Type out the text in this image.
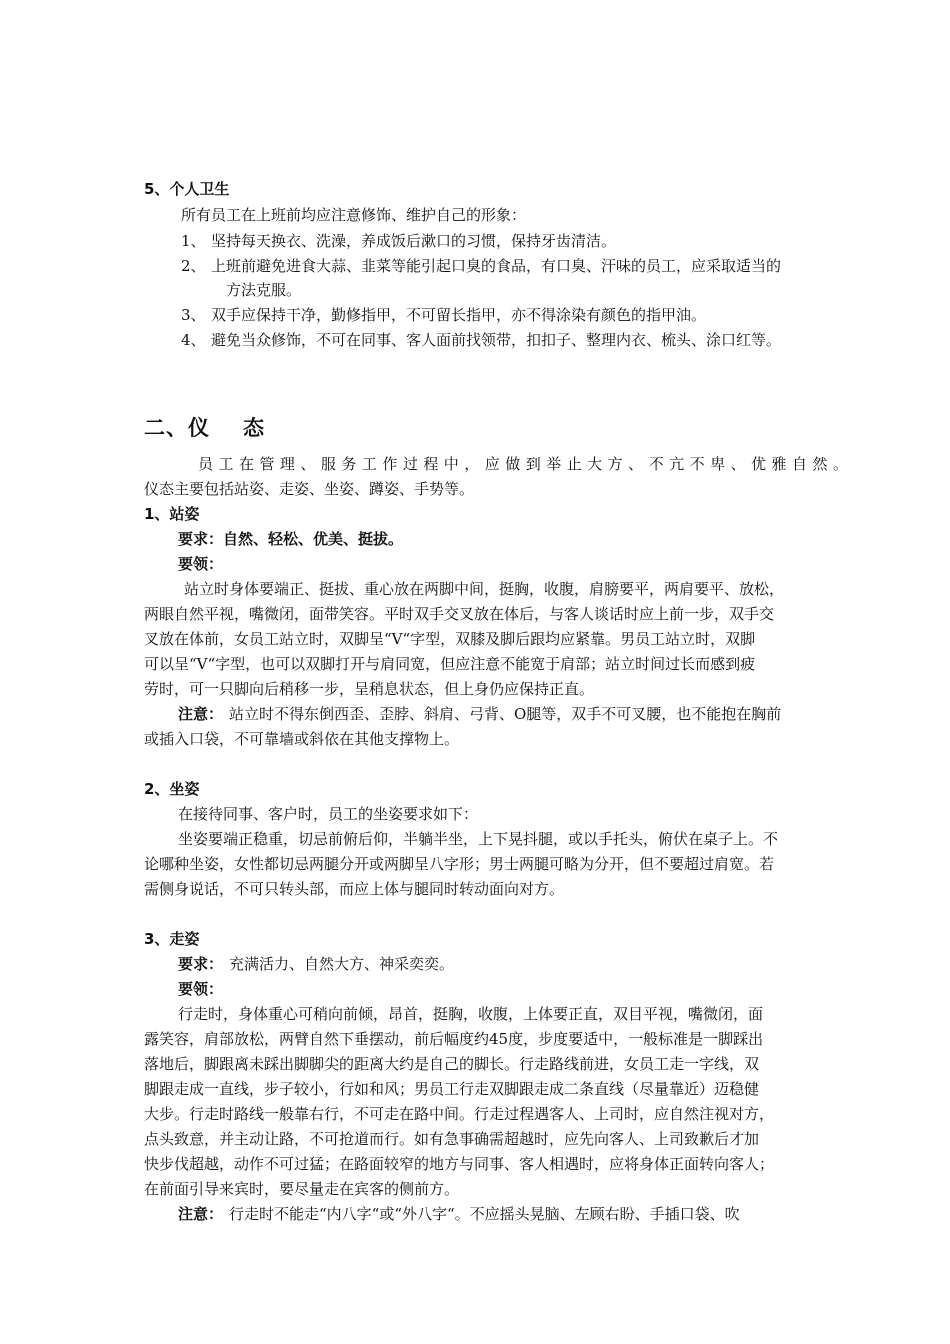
5、个人卫生
所有员工在上班前均应注意修饰、维护自己的形象：
1、 坚持每天换衣、洗澡，养成饭后漱口的习惯，保持牙齿清洁。
2、 上班前避免进食大蒜、韭菜等能引起口臭的食品，有口臭、汗味的员工，应采取适当的
方法克服。
3、 双手应保持干净，勤修指甲，不可留长指甲，亦不得涂染有颜色的指甲油。
4、 避免当众修饰，不可在同事、客人面前找领带，扣扣子、整理内衣、梳头、涂口红等。
二、仪 态
员工在管理、服务工作过程中，应做到举止大方、不亢不卑、优雅自然。
仪态主要包括站姿、走姿、坐姿、蹲姿、手势等。
1、站姿
要求：自然、轻松、优美、挺拔。
要领：
站立时身体要端正、挺拔、重心放在两脚中间，挺胸，收腹，肩膀要平，两肩要平、放松，
两眼自然平视，嘴微闭，面带笑容。平时双手交叉放在体后，与客人谈话时应上前一步，双手交
叉放在体前，女员工站立时，双脚呈“V“字型，双膝及脚后跟均应紧靠。男员工站立时，双脚
可以呈“V“字型，也可以双脚打开与肩同宽，但应注意不能宽于肩部；站立时间过长而感到疲
劳时，可一只脚向后稍移一步，呈稍息状态，但上身仍应保持正直。
注意： 站立时不得东倒西歪、歪脖、斜肩、弓背、O腿等，双手不可叉腰，也不能抱在胸前
或插入口袋，不可靠墙或斜依在其他支撑物上。
2、坐姿
在接待同事、客户时，员工的坐姿要求如下：
坐姿要端正稳重，切忌前俯后仰，半躺半坐，上下晃抖腿，或以手托头，俯伏在桌子上。不
论哪种坐姿，女性都切忌两腿分开或两脚呈八字形；男士两腿可略为分开，但不要超过肩宽。若
需侧身说话，不可只转头部，而应上体与腿同时转动面向对方。
3、走姿
要求： 充满活力、自然大方、神采奕奕。
要领：
行走时，身体重心可稍向前倾，昂首，挺胸，收腹，上体要正直，双目平视，嘴微闭，面
露笑容，肩部放松，两臂自然下垂摆动，前后幅度约45度，步度要适中，一般标准是一脚踩出
落地后，脚跟离未踩出脚脚尖的距离大约是自己的脚长。行走路线前进，女员工走一字线，双
脚跟走成一直线，步子较小，行如和风；男员工行走双脚跟走成二条直线（尽量靠近）迈稳健
大步。行走时路线一般靠右行，不可走在路中间。行走过程遇客人、上司时，应自然注视对方，
点头致意，并主动让路，不可抢道而行。如有急事确需超越时，应先向客人、上司致歉后才加
快步伐超越，动作不可过猛；在路面较窄的地方与同事、客人相遇时，应将身体正面转向客人；
在前面引导来宾时，要尽量走在宾客的侧前方。
注意： 行走时不能走“内八字“或“外八字“。不应摇头晃脑、左顾右盼、手插口袋、吹
